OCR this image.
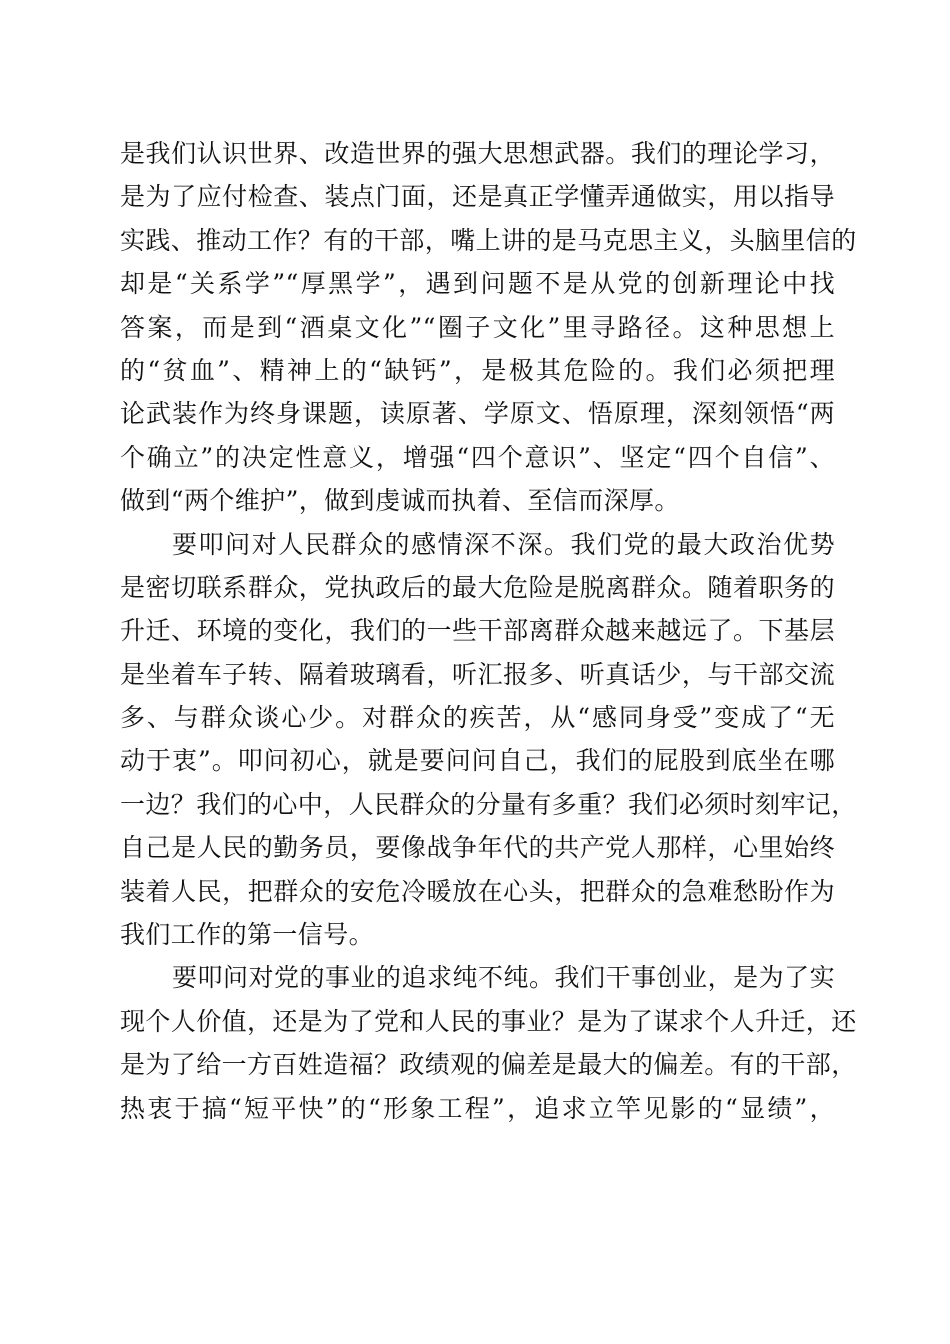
是我们认识世界、改造世界的强大思想武器。我们的理论学习，
是为了应付检查、装点门面，还是真正学懂弄通做实，用以指导
实践、推动工作？有的干部，嘴上讲的是马克思主义，头脑里信的
却是“关系学”“厚黑学”，遇到问题不是从党的创新理论中找
答案，而是到“酒桌文化”“圈子文化”里寻路径。这种思想上
的“贫血”、精神上的“缺钙”，是极其危险的。我们必须把理
论武装作为终身课题，读原著、学原文、悟原理，深刻领悟“两
个确立”的决定性意义，增强“四个意识”、坚定“四个自信”、
做到“两个维护”，做到虔诚而执着、至信而深厚。
要叩问对人民群众的感情深不深。我们党的最大政治优势
是密切联系群众，党执政后的最大危险是脱离群众。随着职务的
升迁、环境的变化，我们的一些干部离群众越来越远了。下基层
是坐着车子转、隔着玻璃看，听汇报多、听真话少，与干部交流
多、与群众谈心少。对群众的疾苦，从“感同身受”变成了“无
动于衷”。叩问初心，就是要问问自己，我们的屁股到底坐在哪
一边？我们的心中，人民群众的分量有多重？我们必须时刻牢记，
自己是人民的勤务员，要像战争年代的共产党人那样，心里始终
装着人民，把群众的安危冷暖放在心头，把群众的急难愁盼作为
我们工作的第一信号。
要叩问对党的事业的追求纯不纯。我们干事创业，是为了实
现个人价值，还是为了党和人民的事业？是为了谋求个人升迁，还
是为了给一方百姓造福？政绩观的偏差是最大的偏差。有的干部，
热衷于搞“短平快”的“形象工程”，追求立竿见影的“显绩”，
